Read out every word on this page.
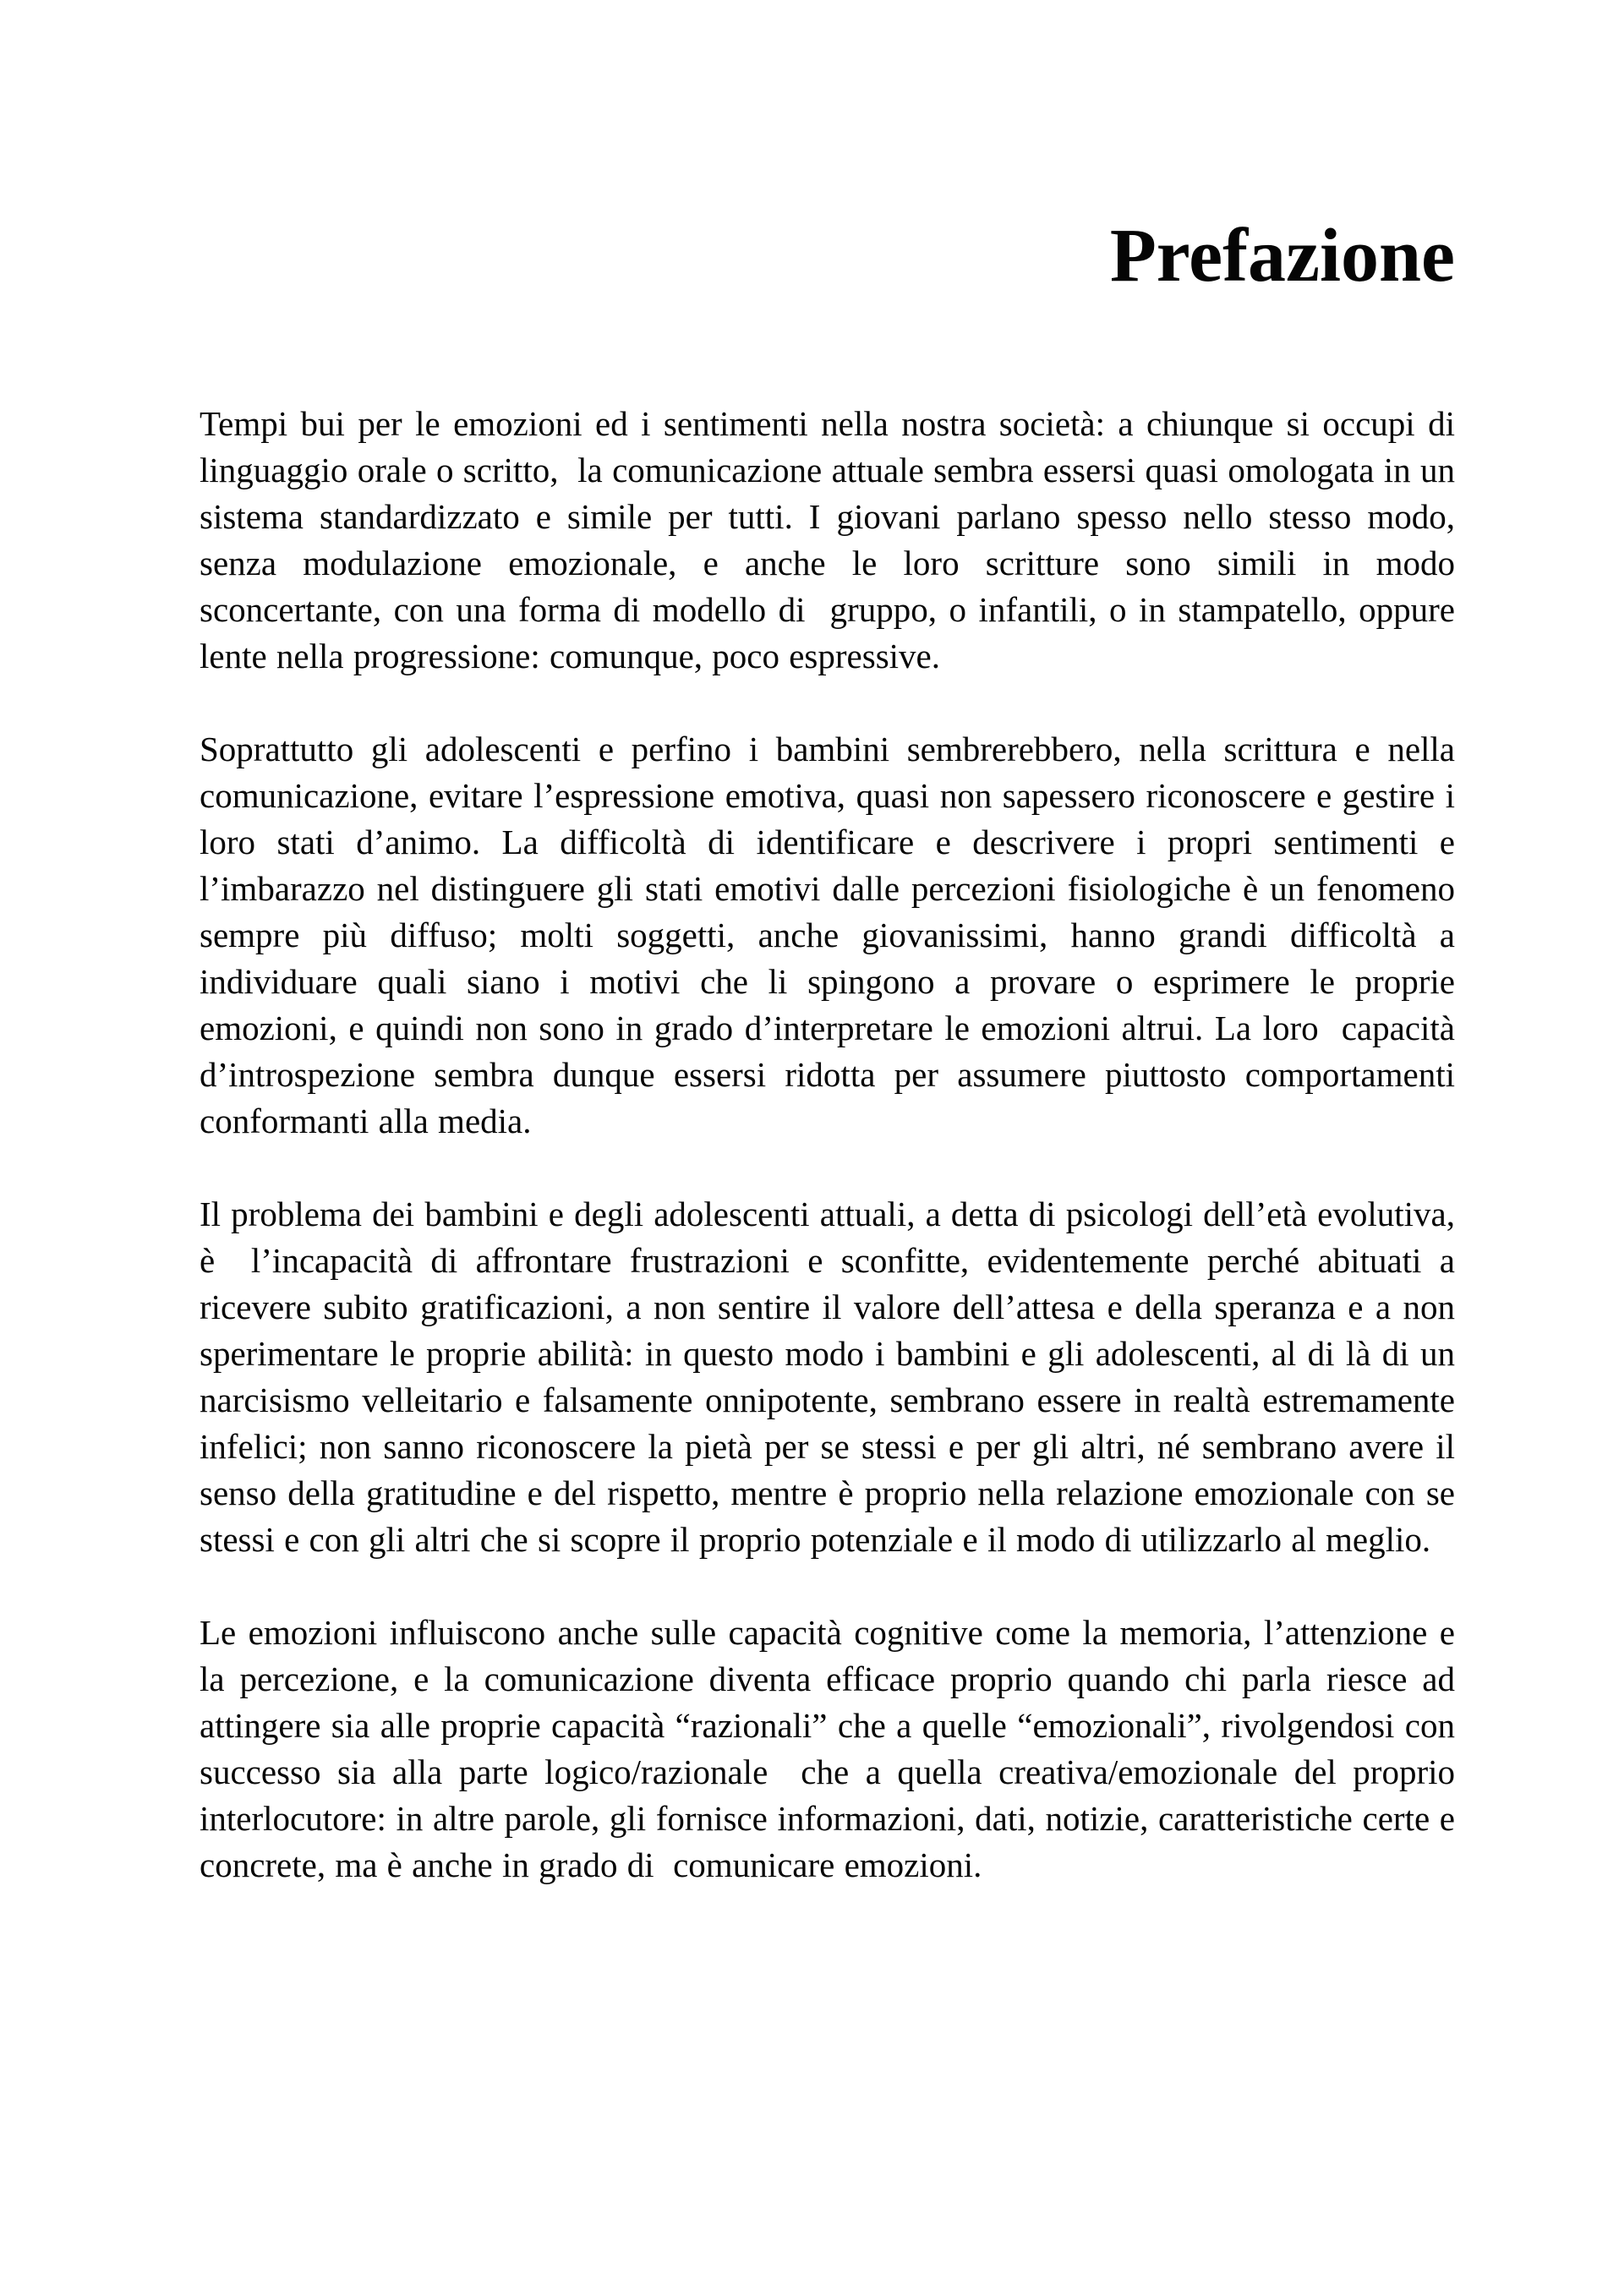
Prefazione

Tempi bui per le emozioni ed i sentimenti nella nostra società: a chiunque si occupi di linguaggio orale o scritto,  la comunicazione attuale sembra essersi quasi omologata in un sistema standardizzato e simile per tutti. I giovani parlano spesso nello stesso modo, senza modulazione emozionale, e anche le loro scritture sono simili in modo sconcertante, con una forma di modello di  gruppo, o infantili, o in stampatello, oppure lente nella progressione: comunque, poco espressive.

Soprattutto gli adolescenti e perfino i bambini sembrerebbero, nella scrittura e nella comunicazione, evitare l’espressione emotiva, quasi non sapessero riconoscere e gestire i loro stati d’animo. La difficoltà di identificare e descrivere i propri sentimenti e l’imbarazzo nel distinguere gli stati emotivi dalle percezioni fisiologiche è un fenomeno sempre più diffuso; molti soggetti, anche giovanissimi, hanno grandi difficoltà a individuare quali siano i motivi che li spingono a provare o esprimere le proprie emozioni, e quindi non sono in grado d’interpretare le emozioni altrui. La loro  capacità d’introspezione sembra dunque essersi ridotta per assumere piuttosto comportamenti conformanti alla media.

Il problema dei bambini e degli adolescenti attuali, a detta di psicologi dell’età evolutiva, è  l’incapacità di affrontare frustrazioni e sconfitte, evidentemente perché abituati a ricevere subito gratificazioni, a non sentire il valore dell’attesa e della speranza e a non sperimentare le proprie abilità: in questo modo i bambini e gli adolescenti, al di là di un narcisismo velleitario e falsamente onnipotente, sembrano essere in realtà estremamente infelici; non sanno riconoscere la pietà per se stessi e per gli altri, né sembrano avere il senso della gratitudine e del rispetto, mentre è proprio nella relazione emozionale con se stessi e con gli altri che si scopre il proprio potenziale e il modo di utilizzarlo al meglio.

Le emozioni influiscono anche sulle capacità cognitive come la memoria, l’attenzione e la percezione, e la comunicazione diventa efficace proprio quando chi parla riesce ad attingere sia alle proprie capacità “razionali” che a quelle “emozionali”, rivolgendosi con successo sia alla parte logico/razionale  che a quella creativa/emozionale del proprio interlocutore: in altre parole, gli fornisce informazioni, dati, notizie, caratteristiche certe e concrete, ma è anche in grado di  comunicare emozioni.
